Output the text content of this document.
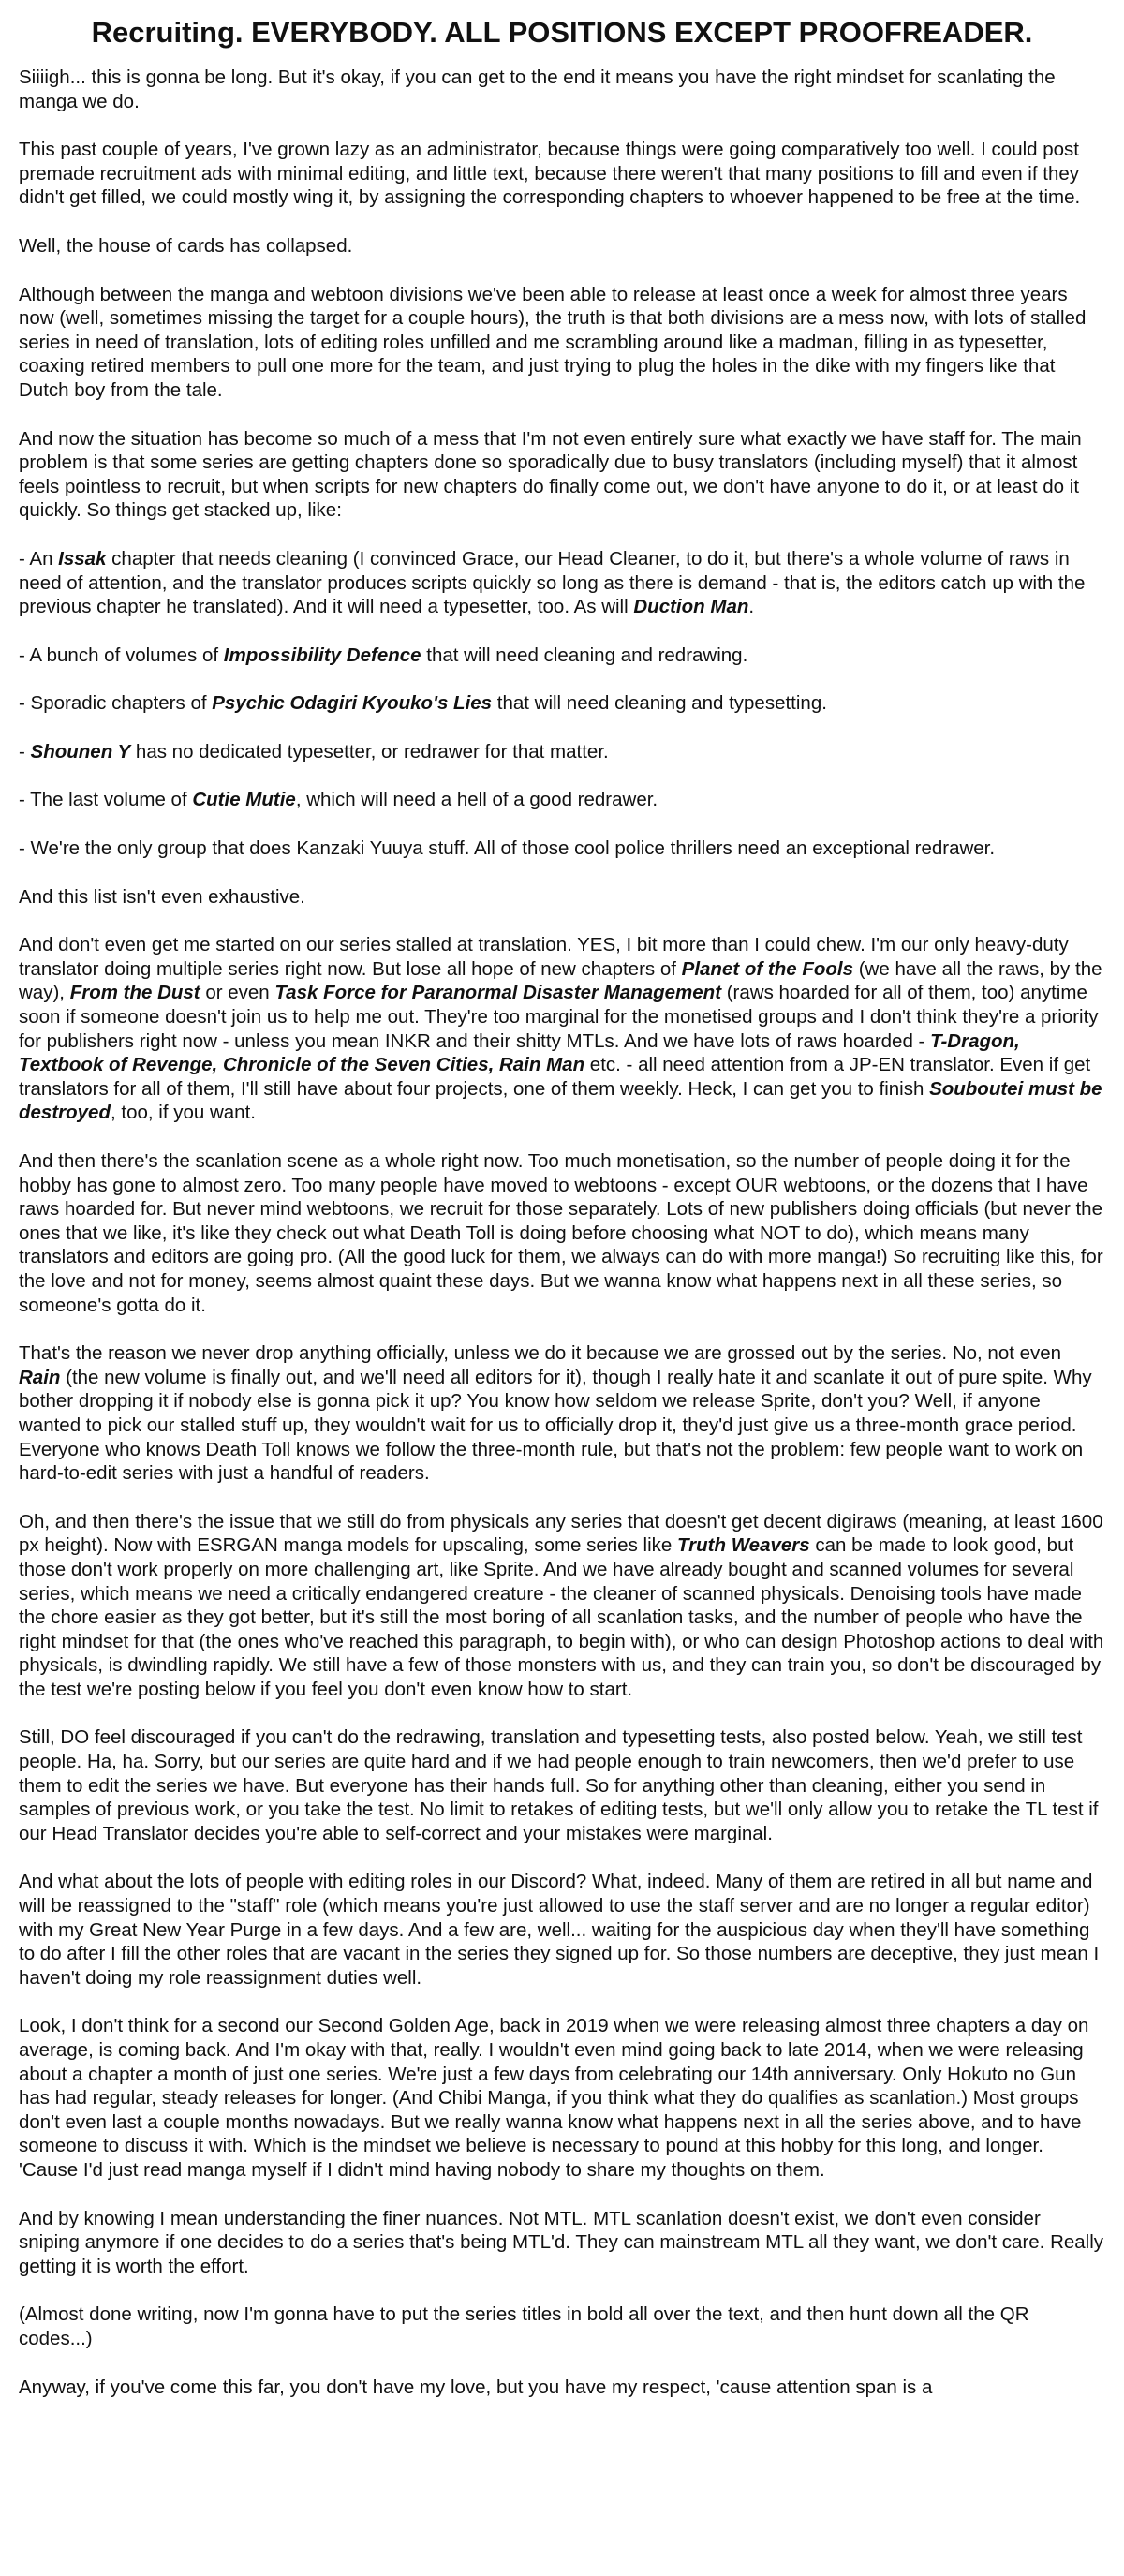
Recruiting. EVERYBODY. ALL POSITIONS EXCEPT PROOFREADER.

Siiiigh... this is gonna be long. But it's okay, if you can get to the end it means you have the right mindset for scanlating the manga we do.

This past couple of years, I've grown lazy as an administrator, because things were going comparatively too well. I could post premade recruitment ads with minimal editing, and little text, because there weren't that many positions to fill and even if they didn't get filled, we could mostly wing it, by assigning the corresponding chapters to whoever happened to be free at the time.

Well, the house of cards has collapsed.

Although between the manga and webtoon divisions we've been able to release at least once a week for almost three years now (well, sometimes missing the target for a couple hours), the truth is that both divisions are a mess now, with lots of stalled series in need of translation, lots of editing roles unfilled and me scrambling around like a madman, filling in as typesetter, coaxing retired members to pull one more for the team, and just trying to plug the holes in the dike with my fingers like that Dutch boy from the tale.

And now the situation has become so much of a mess that I'm not even entirely sure what exactly we have staff for. The main problem is that some series are getting chapters done so sporadically due to busy translators (including myself) that it almost feels pointless to recruit, but when scripts for new chapters do finally come out, we don't have anyone to do it, or at least do it quickly. So things get stacked up, like:

- An Issak chapter that needs cleaning (I convinced Grace, our Head Cleaner, to do it, but there's a whole volume of raws in need of attention, and the translator produces scripts quickly so long as there is demand - that is, the editors catch up with the previous chapter he translated). And it will need a typesetter, too. As will Duction Man.

- A bunch of volumes of Impossibility Defence that will need cleaning and redrawing.

- Sporadic chapters of Psychic Odagiri Kyouko's Lies that will need cleaning and typesetting.

- Shounen Y has no dedicated typesetter, or redrawer for that matter.

- The last volume of Cutie Mutie, which will need a hell of a good redrawer.

- We're the only group that does Kanzaki Yuuya stuff. All of those cool police thrillers need an exceptional redrawer.

And this list isn't even exhaustive.

And don't even get me started on our series stalled at translation. YES, I bit more than I could chew. I'm our only heavy-duty translator doing multiple series right now. But lose all hope of new chapters of Planet of the Fools (we have all the raws, by the way), From the Dust or even Task Force for Paranormal Disaster Management (raws hoarded for all of them, too) anytime soon if someone doesn't join us to help me out. They're too marginal for the monetised groups and I don't think they're a priority for publishers right now - unless you mean INKR and their shitty MTLs. And we have lots of raws hoarded - T-Dragon, Textbook of Revenge, Chronicle of the Seven Cities, Rain Man etc. - all need attention from a JP-EN translator. Even if get translators for all of them, I'll still have about four projects, one of them weekly. Heck, I can get you to finish Souboutei must be destroyed, too, if you want.

And then there's the scanlation scene as a whole right now. Too much monetisation, so the number of people doing it for the hobby has gone to almost zero. Too many people have moved to webtoons - except OUR webtoons, or the dozens that I have raws hoarded for. But never mind webtoons, we recruit for those separately. Lots of new publishers doing officials (but never the ones that we like, it's like they check out what Death Toll is doing before choosing what NOT to do), which means many translators and editors are going pro. (All the good luck for them, we always can do with more manga!) So recruiting like this, for the love and not for money, seems almost quaint these days. But we wanna know what happens next in all these series, so someone's gotta do it.

That's the reason we never drop anything officially, unless we do it because we are grossed out by the series. No, not even Rain (the new volume is finally out, and we'll need all editors for it), though I really hate it and scanlate it out of pure spite. Why bother dropping it if nobody else is gonna pick it up? You know how seldom we release Sprite, don't you? Well, if anyone wanted to pick our stalled stuff up, they wouldn't wait for us to officially drop it, they'd just give us a three-month grace period. Everyone who knows Death Toll knows we follow the three-month rule, but that's not the problem: few people want to work on hard-to-edit series with just a handful of readers.

Oh, and then there's the issue that we still do from physicals any series that doesn't get decent digiraws (meaning, at least 1600 px height). Now with ESRGAN manga models for upscaling, some series like Truth Weavers can be made to look good, but those don't work properly on more challenging art, like Sprite. And we have already bought and scanned volumes for several series, which means we need a critically endangered creature - the cleaner of scanned physicals. Denoising tools have made the chore easier as they got better, but it's still the most boring of all scanlation tasks, and the number of people who have the right mindset for that (the ones who've reached this paragraph, to begin with), or who can design Photoshop actions to deal with physicals, is dwindling rapidly. We still have a few of those monsters with us, and they can train you, so don't be discouraged by the test we're posting below if you feel you don't even know how to start.

Still, DO feel discouraged if you can't do the redrawing, translation and typesetting tests, also posted below. Yeah, we still test people. Ha, ha. Sorry, but our series are quite hard and if we had people enough to train newcomers, then we'd prefer to use them to edit the series we have. But everyone has their hands full. So for anything other than cleaning, either you send in samples of previous work, or you take the test. No limit to retakes of editing tests, but we'll only allow you to retake the TL test if our Head Translator decides you're able to self-correct and your mistakes were marginal.

And what about the lots of people with editing roles in our Discord? What, indeed. Many of them are retired in all but name and will be reassigned to the "staff" role (which means you're just allowed to use the staff server and are no longer a regular editor) with my Great New Year Purge in a few days. And a few are, well... waiting for the auspicious day when they'll have something to do after I fill the other roles that are vacant in the series they signed up for. So those numbers are deceptive, they just mean I haven't doing my role reassignment duties well.

Look, I don't think for a second our Second Golden Age, back in 2019 when we were releasing almost three chapters a day on average, is coming back. And I'm okay with that, really. I wouldn't even mind going back to late 2014, when we were releasing about a chapter a month of just one series. We're just a few days from celebrating our 14th anniversary. Only Hokuto no Gun has had regular, steady releases for longer. (And Chibi Manga, if you think what they do qualifies as scanlation.) Most groups don't even last a couple months nowadays. But we really wanna know what happens next in all the series above, and to have someone to discuss it with. Which is the mindset we believe is necessary to pound at this hobby for this long, and longer. 'Cause I'd just read manga myself if I didn't mind having nobody to share my thoughts on them.

And by knowing I mean understanding the finer nuances. Not MTL. MTL scanlation doesn't exist, we don't even consider sniping anymore if one decides to do a series that's being MTL'd. They can mainstream MTL all they want, we don't care. Really getting it is worth the effort.

(Almost done writing, now I'm gonna have to put the series titles in bold all over the text, and then hunt down all the QR codes...)

Anyway, if you've come this far, you don't have my love, but you have my respect, 'cause attention span is a
